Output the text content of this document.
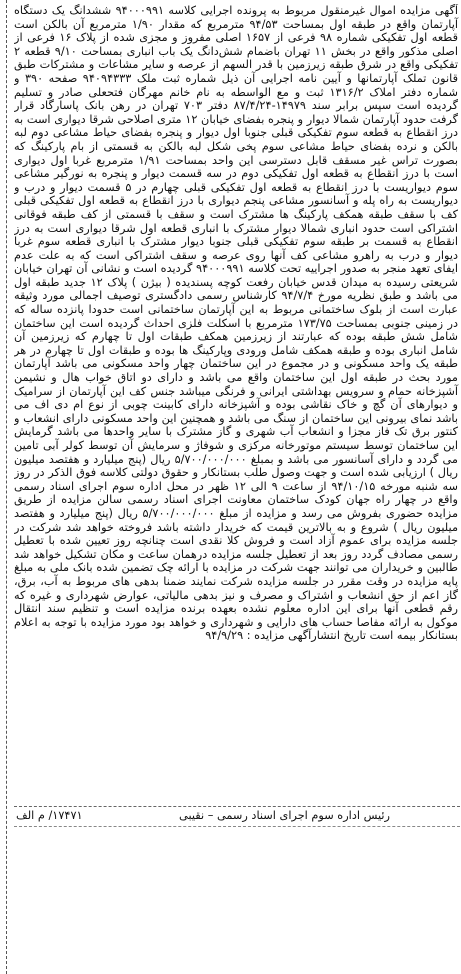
آگهی مزایده اموال غیرمنقول مربوط به پرونده اجرایی کلاسه ۹۴۰۰۰۹۹۱ ششدانگ یک دستگاه آپارتمان واقع در طبقه اول بمساحت ۹۴/۵۳ مترمربع که مقدار ۱/۹۰ مترمربع آن بالکن است قطعه اول تفکیکی شماره ۹۸ فرعی از ۱۶۵۷ اصلی مفروز و مجزی شده از پلاک ۱۶ فرعی از اصلی مذکور واقع در بخش ۱۱ تهران باضمام شش‌دانگ یک باب انباری بمساحت ۹/۱۰ قطعه ۲ تفکیکی واقع در شرق طبقه زیرزمین با قدر السهم از عرصه و سایر مشاعات و مشترکات طبق قانون تملک آپارتمانها و آیین نامه اجرایی آن ذیل شماره ثبت ملک ۹۴۰۹۴۳۳۳ صفحه ۳۹۰ و شماره دفتر املاک ۱۳۱۶/۲ ثبت و مع الواسطه به نام خانم مهرگان فتحعلی صادر و تسلیم گردیده است سپس برابر سند ۱۴۹۷۹-۸۷/۴/۲۴ دفتر ۷۰۳ تهران در رهن بانک پاسارگاد قرار گرفت حدود آپارتمان شمالا دیوار و پنجره بفضای خیابان ۱۲ متری اصلاحی شرقا دیواری است به درز انقطاع به قطعه سوم تفکیکی قبلی جنوبا اول دیوار و پنجره بفضای حیاط مشاعی دوم لبه بالکن و نرده بفضای حیاط مشاعی سوم پخی شکل لبه بالکن به قسمتی از بام پارکینگ که بصورت تراس غیر مسقف قابل دسترسی این واحد بمساحت ۱/۹۱ مترمربع غربا اول دیواری است با درز انقطاع به قطعه اول تفکیکی دوم در سه قسمت دیوار و پنجره به نورگیر مشاعی سوم دیواریست با درز انقطاع به قطعه اول تفکیکی قبلی چهارم در ۵ قسمت دیوار و درب و دیواریست به راه پله و آسانسور مشاعی پنجم دیواری با درز انقطاع به قطعه اول تفکیکی قبلی کف با سقف طبقه همکف پارکینگ ها مشترک است و سقف با قسمتی از کف طبقه فوقانی اشتراکی است حدود انباری شمالا دیوار مشترک با انباری قطعه اول شرقا دیواری است به درز انقطاع به قسمت بر طبقه سوم تفکیکی قبلی جنوبا دیوار مشترک با انباری قطعه سوم غربا دیوار و درب به راهرو مشاعی کف آنها روی عرصه و سقف اشتراکی است که به علت عدم ایفای تعهد منجر به صدور اجراییه تحت کلاسه ۹۴۰۰۰۹۹۱ گردیده است و نشانی آن تهران خیابان شریعتی رسیده به میدان قدس خیابان رفعت کوچه پسندیده ( بیژن ) پلاک ۱۲ جدید طبقه اول می باشد و طبق نظریه مورخ ۹۴/۷/۴ کارشناس رسمی دادگستری توصیف اجمالی مورد وثیقه عبارت است از بلوک ساختمانی مربوط به این آپارتمان ساختمانی است حدودا پانزده ساله که در زمینی جنوبی بمساحت ۱۷۳/۷۵ مترمربع با اسکلت فلزی احداث گردیده است این ساختمان شامل شش طبقه بوده که عبارتند از زیرزمین همکف طبقات اول تا چهارم که زیرزمین آن شامل انباری بوده و طبقه همکف شامل ورودی وپارکینگ ها بوده و طبقات اول تا چهارم در هر طبقه یک واحد مسکونی و در مجموع در این ساختمان چهار واحد مسکونی می باشد آپارتمان مورد بحث در طبقه اول این ساختمان واقع می باشد و دارای دو اتاق خواب هال و نشیمن آشپزخانه حمام و سرویس بهداشتی ایرانی و فرنگی میباشد جنس کف این آپارتمان از سرامیک و دیوارهای آن گچ و خاک نقاشی بوده و آشپزخانه دارای کابینت چوبی از نوع ام دی اف می باشد نمای بیرونی این ساختمان از سنگ می باشد و همچنین این واحد مسکونی دارای انشعاب و کنتور برق تک فاز مجزا و انشعاب آب شهری و گاز مشترک با سایر واحدها می باشد گرمایش این ساختمان توسط سیستم موتورخانه مرکزی و شوفاژ و سرمایش آن توسط کولر آبی تامین می گردد و دارای آسانسور می باشد و بمبلغ ۵/۷۰۰/۰۰۰/۰۰۰ ریال (پنج میلیارد و هفتصد میلیون ریال ) ارزیابی شده است و جهت وصول طلب بستانکار و حقوق دولتی کلاسه فوق الذکر در روز سه شنبه مورخه ۹۴/۱۰/۱۵ از ساعت ۹ الی ۱۲ ظهر در محل اداره سوم اجرای اسناد رسمی واقع در چهار راه جهان کودک ساختمان معاونت اجرای اسناد رسمی سالن مزایده از طریق مزایده حضوری بفروش می رسد و مزایده از مبلغ ۵/۷۰۰/۰۰۰/۰۰۰ ریال (پنج میلیارد و هفتصد میلیون ریال ) شروع و به بالاترین قیمت که خریدار داشته باشد فروخته خواهد شد شرکت در جلسه مزایده برای عموم آزاد است و فروش کلا نقدی است چنانچه روز تعیین شده با تعطیل رسمی مصادف گردد روز بعد از تعطیل جلسه مزایده درهمان ساعت و مکان تشکیل خواهد شد طالبین و خریداران می توانند جهت شرکت در مزایده با ارائه چک تضمین شده بانک ملی به مبلغ پایه مزایده در وقت مقرر در جلسه مزایده شرکت نمایند ضمنا بدهی های مربوط به آب، برق، گاز اعم از حق انشعاب و اشتراک و مصرف و نیز بدهی مالیاتی، عوارض شهرداری و غیره که رقم قطعی آنها برای این اداره معلوم نشده بعهده برنده مزایده است و تنظیم سند انتقال موکول به ارائه مفاصا حساب های دارایی و شهرداری و خواهد بود مورد مزایده با توجه به اعلام بستانکار بیمه است تاریخ انتشارآگهی مزایده : ۹۴/۹/۲۹

رئیس اداره سوم اجرای اسناد رسمی – نقیبی
۱۷۴۷۱/ م الف
